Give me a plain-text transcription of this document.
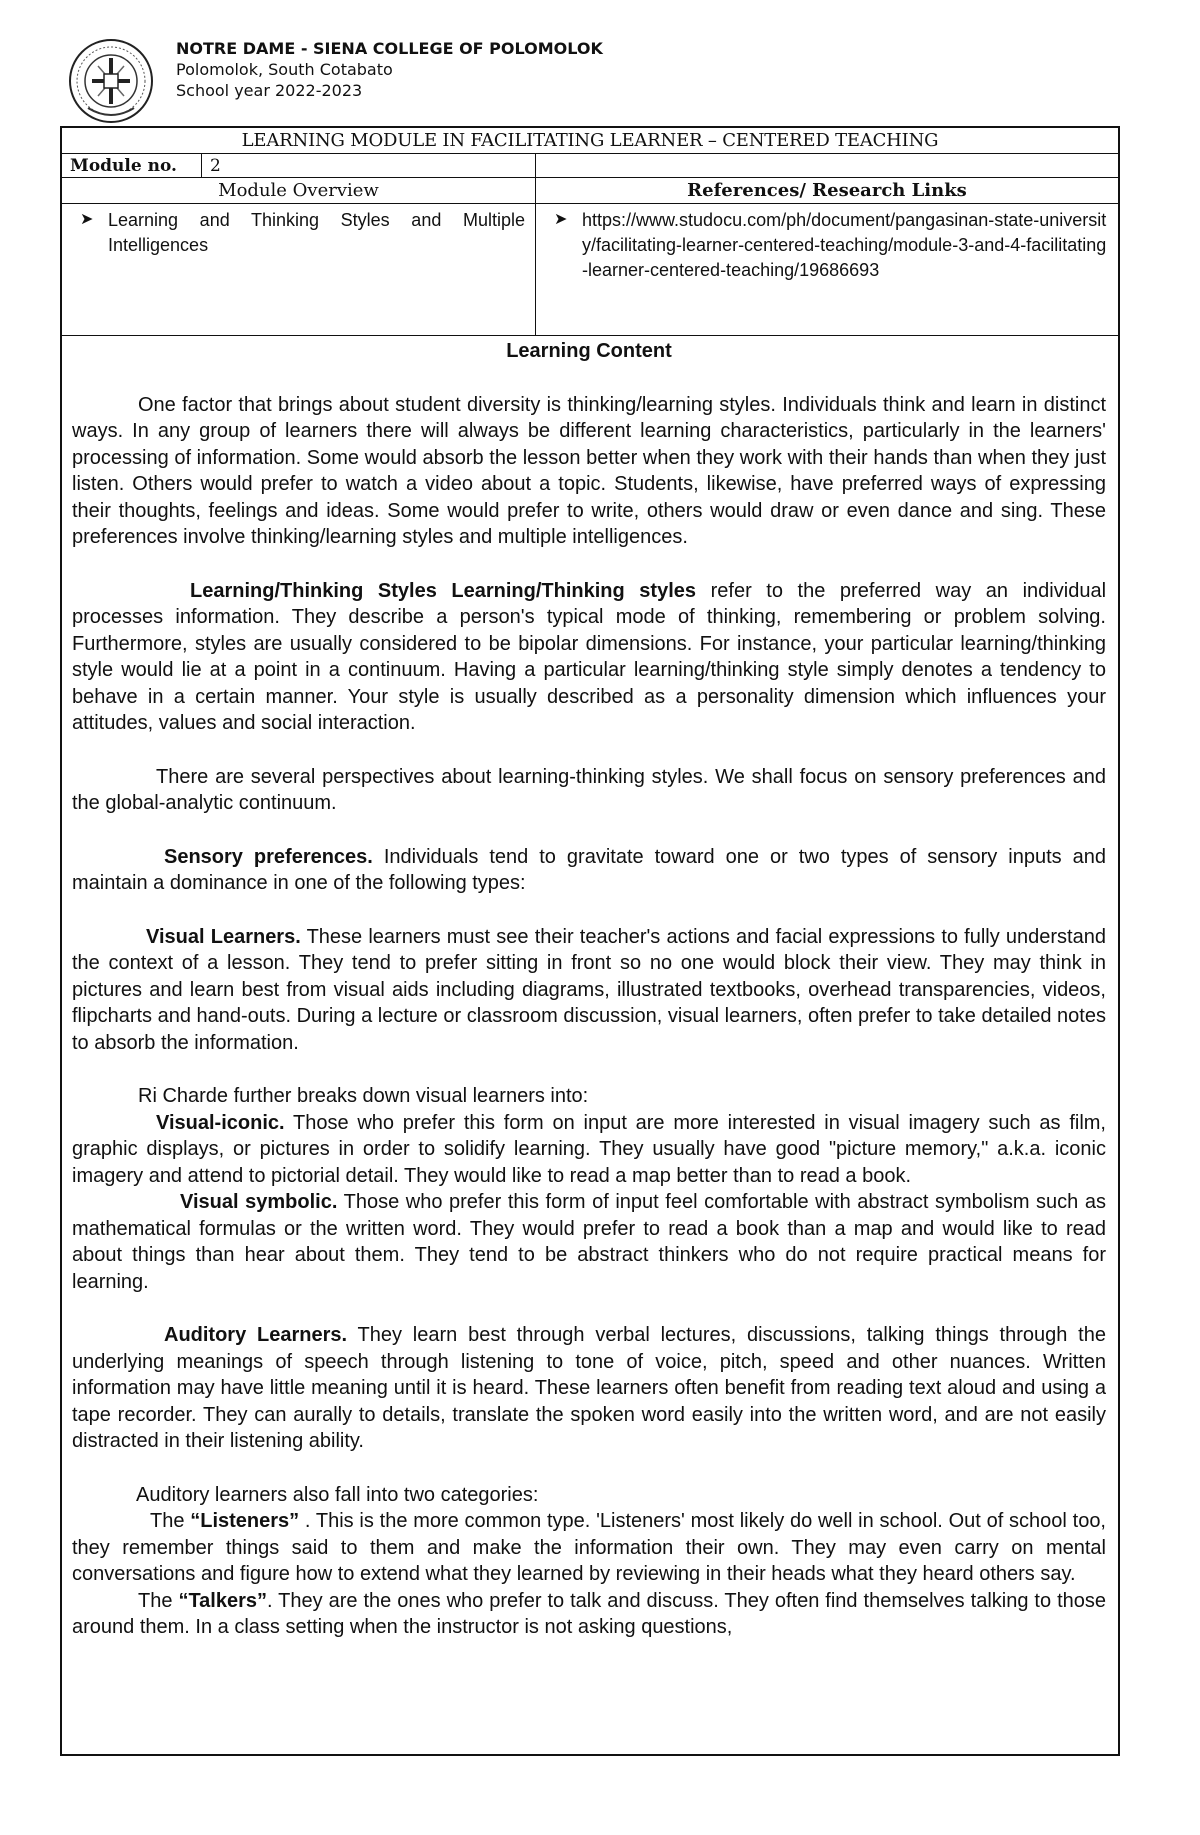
NOTRE DAME - SIENA COLLEGE OF POLOMOLOK
Polomolok, South Cotabato
School year 2022-2023
LEARNING MODULE IN FACILITATING LEARNER – CENTERED TEACHING
Module no.	2
Module Overview	References/ Research Links
➤ Learning and Thinking Styles and Multiple Intelligences
➤ https://www.studocu.com/ph/document/pangasinan-state-university/facilitating-learner-centered-teaching/module-3-and-4-facilitating-learner-centered-teaching/19686693
Learning Content

One factor that brings about student diversity is thinking/learning styles. Individuals think and learn in distinct ways. In any group of learners there will always be different learning characteristics, particularly in the learners' processing of information. Some would absorb the lesson better when they work with their hands than when they just listen. Others would prefer to watch a video about a topic. Students, likewise, have preferred ways of expressing their thoughts, feelings and ideas. Some would prefer to write, others would draw or even dance and sing. These preferences involve thinking/learning styles and multiple intelligences.

Learning/Thinking Styles Learning/Thinking styles refer to the preferred way an individual processes information. They describe a person's typical mode of thinking, remembering or problem solving. Furthermore, styles are usually considered to be bipolar dimensions. For instance, your particular learning/thinking style would lie at a point in a continuum. Having a particular learning/thinking style simply denotes a tendency to behave in a certain manner. Your style is usually described as a personality dimension which influences your attitudes, values and social interaction.

There are several perspectives about learning-thinking styles. We shall focus on sensory preferences and the global-analytic continuum.

Sensory preferences. Individuals tend to gravitate toward one or two types of sensory inputs and maintain a dominance in one of the following types:

Visual Learners. These learners must see their teacher's actions and facial expressions to fully understand the context of a lesson. They tend to prefer sitting in front so no one would block their view. They may think in pictures and learn best from visual aids including diagrams, illustrated textbooks, overhead transparencies, videos, flipcharts and hand-outs. During a lecture or classroom discussion, visual learners, often prefer to take detailed notes to absorb the information.

Ri Charde further breaks down visual learners into:

Visual-iconic. Those who prefer this form on input are more interested in visual imagery such as film, graphic displays, or pictures in order to solidify learning. They usually have good "picture memory," a.k.a. iconic imagery and attend to pictorial detail. They would like to read a map better than to read a book.

Visual symbolic. Those who prefer this form of input feel comfortable with abstract symbolism such as mathematical formulas or the written word. They would prefer to read a book than a map and would like to read about things than hear about them. They tend to be abstract thinkers who do not require practical means for learning.

Auditory Learners. They learn best through verbal lectures, discussions, talking things through the underlying meanings of speech through listening to tone of voice, pitch, speed and other nuances. Written information may have little meaning until it is heard. These learners often benefit from reading text aloud and using a tape recorder. They can aurally to details, translate the spoken word easily into the written word, and are not easily distracted in their listening ability.

Auditory learners also fall into two categories:

The “Listeners” . This is the more common type. 'Listeners' most likely do well in school. Out of school too, they remember things said to them and make the information their own. They may even carry on mental conversations and figure how to extend what they learned by reviewing in their heads what they heard others say.

The “Talkers”. They are the ones who prefer to talk and discuss. They often find themselves talking to those around them. In a class setting when the instructor is not asking questions,
